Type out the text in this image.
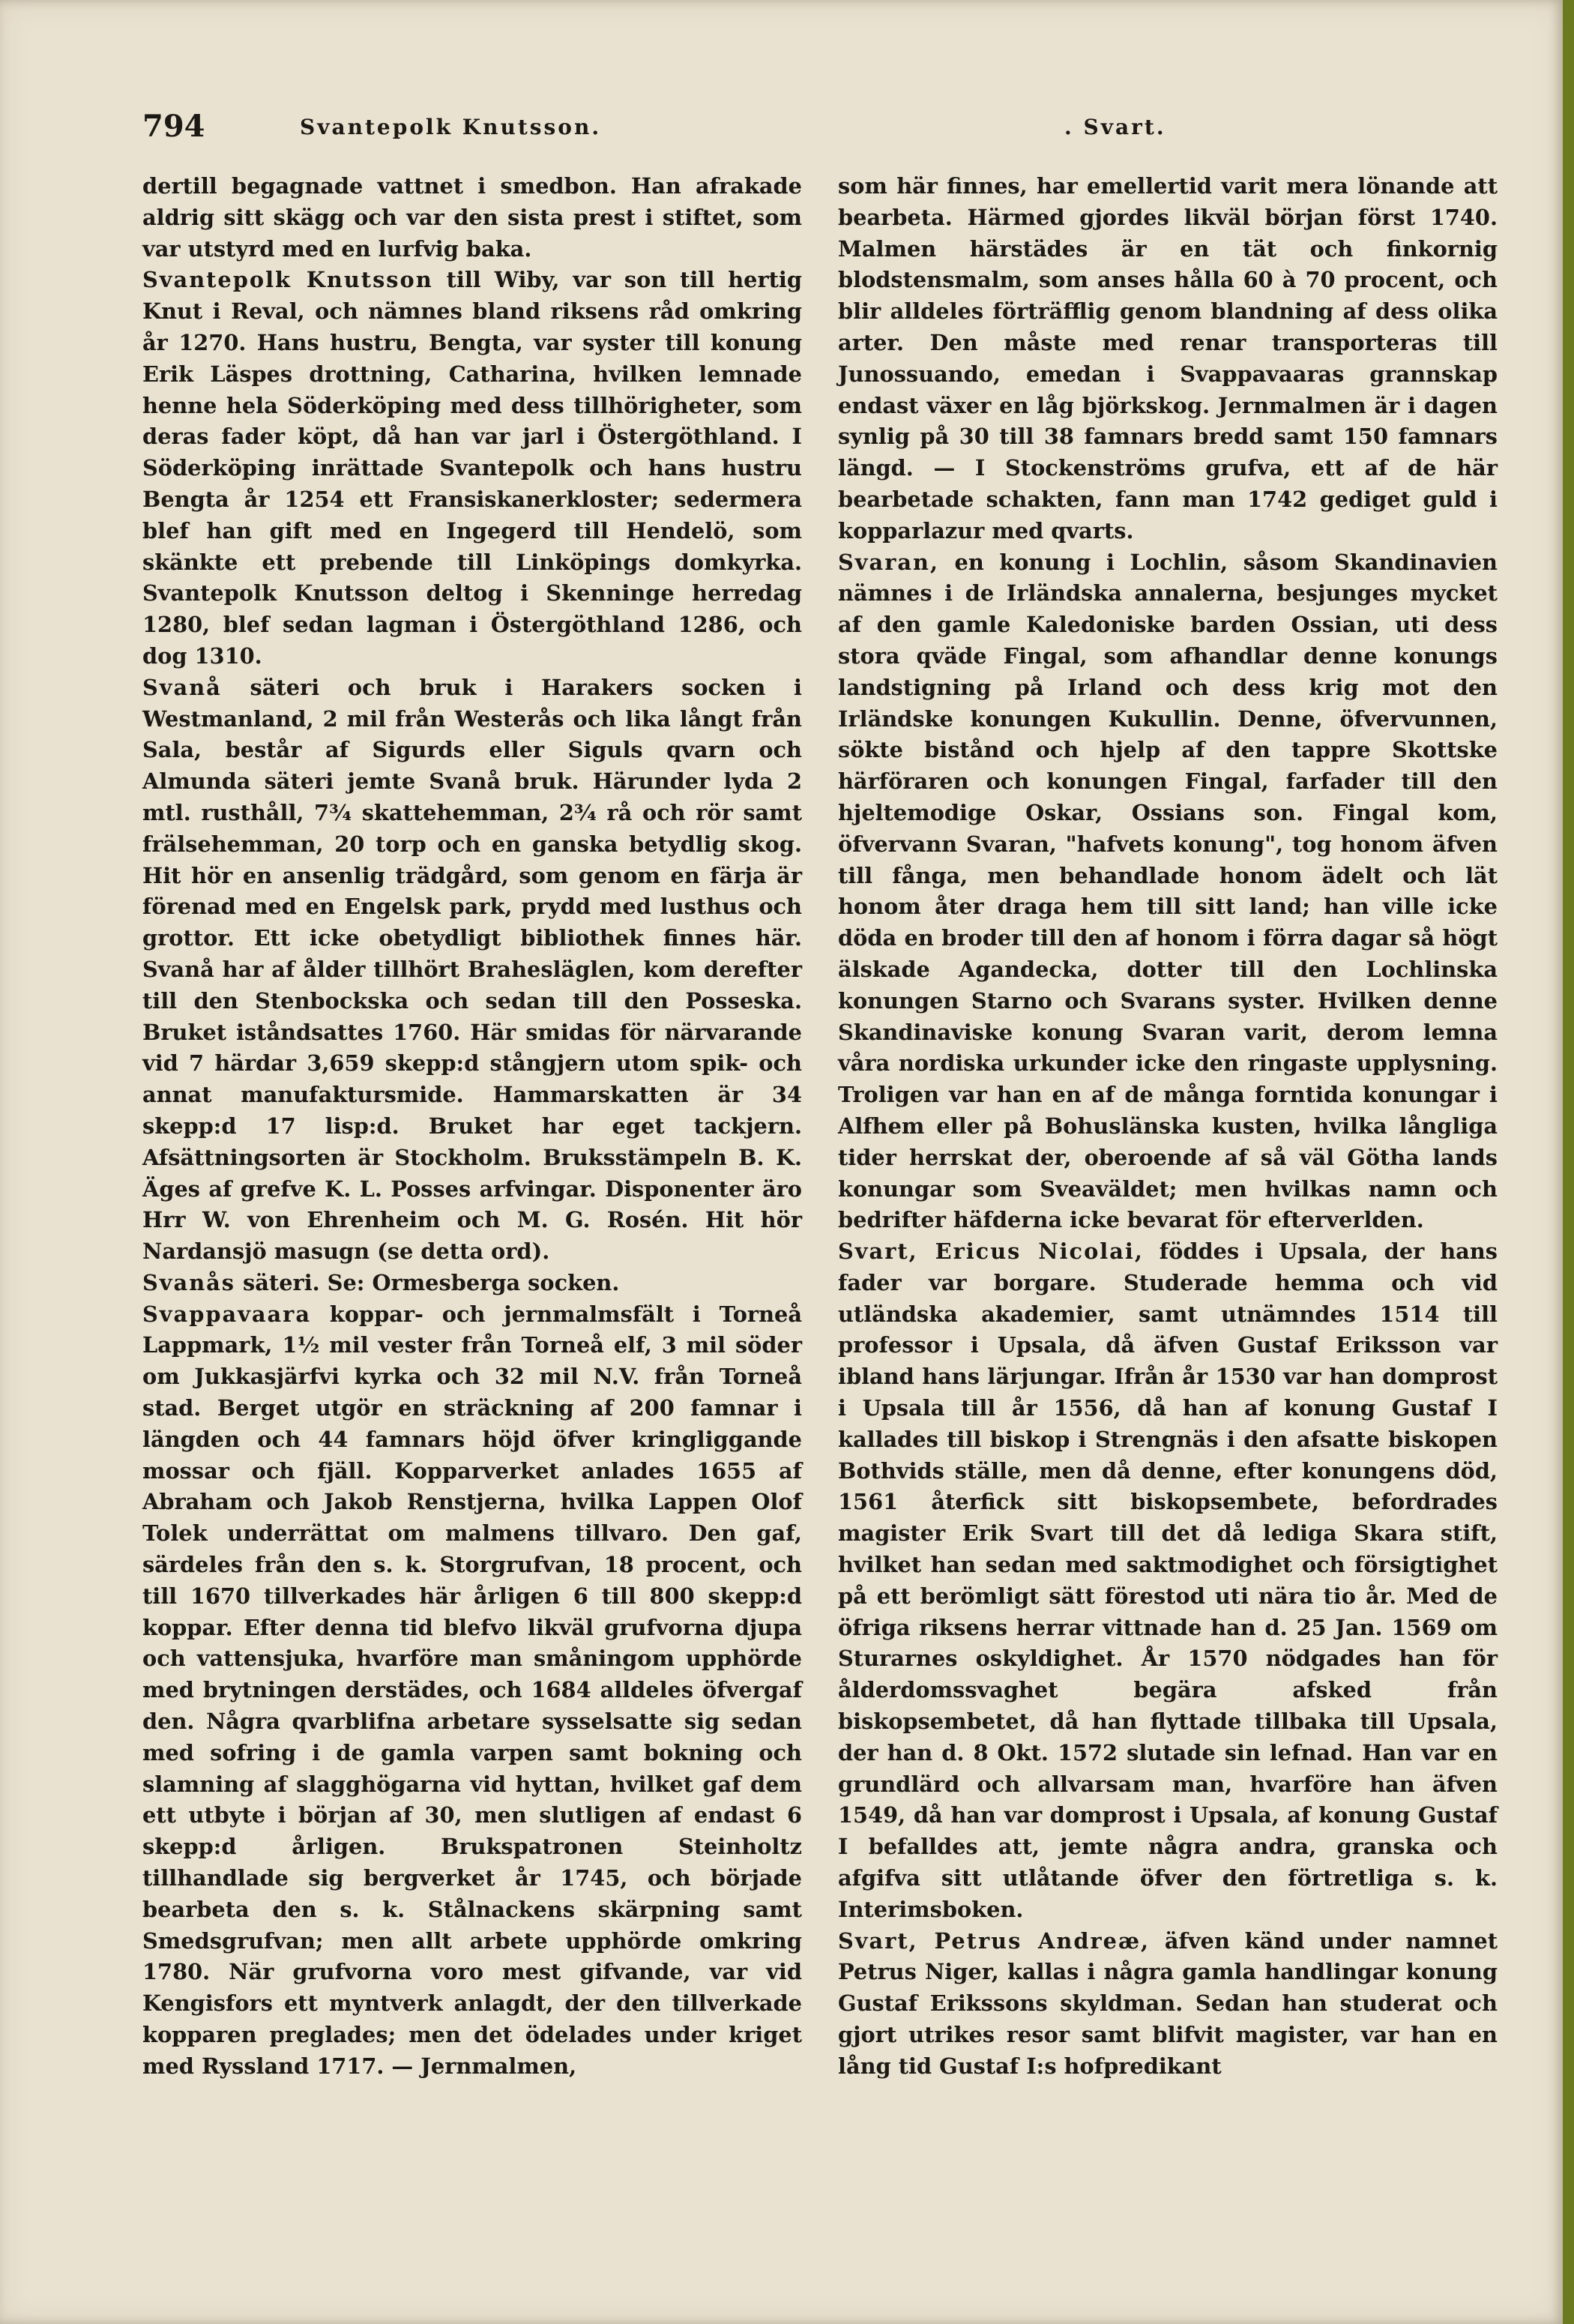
794	Svantepolk Knutsson.	. Svart.

dertill begagnade vattnet i smedbon. Han afrakade aldrig sitt skägg och var den sista prest i stiftet, som var utstyrd med en lurfvig baka.

Svantepolk Knutsson till Wiby, var son till hertig Knut i Reval, och nämnes bland riksens råd omkring år 1270. Hans hustru, Bengta, var syster till konung Erik Läspes drottning, Catharina, hvilken lemnade henne hela Söderköping med dess tillhörigheter, som deras fader köpt, då han var jarl i Östergöthland. I Söderköping inrättade Svantepolk och hans hustru Bengta år 1254 ett Fransiskanerkloster; sedermera blef han gift med en Ingegerd till Hendelö, som skänkte ett prebende till Linköpings domkyrka. Svantepolk Knutsson deltog i Skenninge herredag 1280, blef sedan lagman i Östergöthland 1286, och dog 1310.

Svanå säteri och bruk i Harakers socken i Westmanland, 2 mil från Westerås och lika långt från Sala, består af Sigurds eller Siguls qvarn och Almunda säteri jemte Svanå bruk. Härunder lyda 2 mtl. rusthåll, 7¾ skattehemman, 2¾ rå och rör samt frälsehemman, 20 torp och en ganska betydlig skog. Hit hör en ansenlig trädgård, som genom en färja är förenad med en Engelsk park, prydd med lusthus och grottor. Ett icke obetydligt bibliothek finnes här. Svanå har af ålder tillhört Brahesläglen, kom derefter till den Stenbockska och sedan till den Posseska. Bruket iståndsattes 1760. Här smidas för närvarande vid 7 härdar 3,659 skepp:d stångjern utom spik- och annat manufaktursmide. Hammarskatten är 34 skepp:d 17 lisp:d. Bruket har eget tackjern. Afsättningsorten är Stockholm. Bruksstämpeln B. K. Äges af grefve K. L. Posses arfvingar. Disponenter äro Hrr W. von Ehrenheim och M. G. Rosén. Hit hör Nardansjö masugn (se detta ord).

Svanås säteri. Se: Ormesberga socken.

Svappavaara koppar- och jernmalmsfält i Torneå Lappmark, 1½ mil vester från Torneå elf, 3 mil söder om Jukkasjärfvi kyrka och 32 mil N.V. från Torneå stad. Berget utgör en sträckning af 200 famnar i längden och 44 famnars höjd öfver kringliggande mossar och fjäll. Kopparverket anlades 1655 af Abraham och Jakob Renstjerna, hvilka Lappen Olof Tolek underrättat om malmens tillvaro. Den gaf, särdeles från den s. k. Storgrufvan, 18 procent, och till 1670 tillverkades här årligen 6 till 800 skepp:d koppar. Efter denna tid blefvo likväl grufvorna djupa och vattensjuka, hvarföre man småningom upphörde med brytningen derstädes, och 1684 alldeles öfvergaf den. Några qvarblifna arbetare sysselsatte sig sedan med sofring i de gamla varpen samt bokning och slamning af slagghögarna vid hyttan, hvilket gaf dem ett utbyte i början af 30, men slutligen af endast 6 skepp:d årligen. Brukspatronen Steinholtz tillhandlade sig bergverket år 1745, och började bearbeta den s. k. Stålnackens skärpning samt Smedsgrufvan; men allt arbete upphörde omkring 1780. När grufvorna voro mest gifvande, var vid Kengisfors ett myntverk anlagdt, der den tillverkade kopparen preglades; men det ödelades under kriget med Ryssland 1717. — Jernmalmen,

som här finnes, har emellertid varit mera lönande att bearbeta. Härmed gjordes likväl början först 1740. Malmen härstädes är en tät och finkornig blodstensmalm, som anses hålla 60 à 70 procent, och blir alldeles förträfflig genom blandning af dess olika arter. Den måste med renar transporteras till Junossuando, emedan i Svappavaaras grannskap endast växer en låg björkskog. Jernmalmen är i dagen synlig på 30 till 38 famnars bredd samt 150 famnars längd. — I Stockenströms grufva, ett af de här bearbetade schakten, fann man 1742 gediget guld i kopparlazur med qvarts.

Svaran, en konung i Lochlin, såsom Skandinavien nämnes i de Irländska annalerna, besjunges mycket af den gamle Kaledoniske barden Ossian, uti dess stora qväde Fingal, som afhandlar denne konungs landstigning på Irland och dess krig mot den Irländske konungen Kukullin. Denne, öfvervunnen, sökte bistånd och hjelp af den tappre Skottske härföraren och konungen Fingal, farfader till den hjeltemodige Oskar, Ossians son. Fingal kom, öfvervann Svaran, "hafvets konung", tog honom äfven till fånga, men behandlade honom ädelt och lät honom åter draga hem till sitt land; han ville icke döda en broder till den af honom i förra dagar så högt älskade Agandecka, dotter till den Lochlinska konungen Starno och Svarans syster. Hvilken denne Skandinaviske konung Svaran varit, derom lemna våra nordiska urkunder icke den ringaste upplysning. Troligen var han en af de många forntida konungar i Alfhem eller på Bohuslänska kusten, hvilka långliga tider herrskat der, oberoende af så väl Götha lands konungar som Sveaväldet; men hvilkas namn och bedrifter häfderna icke bevarat för efterverlden.

Svart, Ericus Nicolai, föddes i Upsala, der hans fader var borgare. Studerade hemma och vid utländska akademier, samt utnämndes 1514 till professor i Upsala, då äfven Gustaf Eriksson var ibland hans lärjungar. Ifrån år 1530 var han domprost i Upsala till år 1556, då han af konung Gustaf I kallades till biskop i Strengnäs i den afsatte biskopen Bothvids ställe, men då denne, efter konungens död, 1561 återfick sitt biskopsembete, befordrades magister Erik Svart till det då lediga Skara stift, hvilket han sedan med saktmodighet och försigtighet på ett berömligt sätt förestod uti nära tio år. Med de öfriga riksens herrar vittnade han d. 25 Jan. 1569 om Sturarnes oskyldighet. År 1570 nödgades han för ålderdomssvaghet begära afsked från biskopsembetet, då han flyttade tillbaka till Upsala, der han d. 8 Okt. 1572 slutade sin lefnad. Han var en grundlärd och allvarsam man, hvarföre han äfven 1549, då han var domprost i Upsala, af konung Gustaf I befalldes att, jemte några andra, granska och afgifva sitt utlåtande öfver den förtretliga s. k. Interimsboken.

Svart, Petrus Andreæ, äfven känd under namnet Petrus Niger, kallas i några gamla handlingar konung Gustaf Erikssons skyldman. Sedan han studerat och gjort utrikes resor samt blifvit magister, var han en lång tid Gustaf I:s hofpredikant
